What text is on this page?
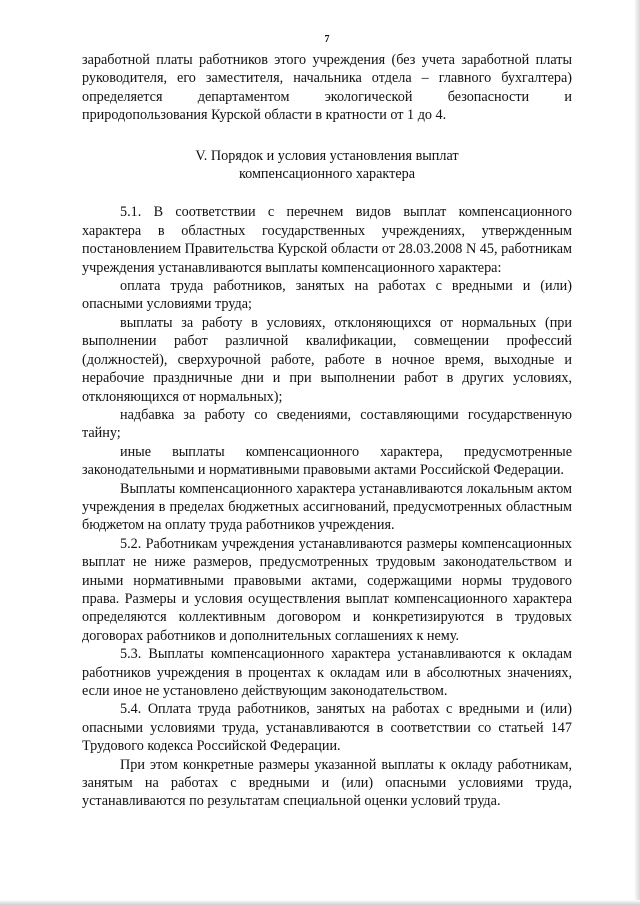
7

заработной платы работников этого учреждения (без учета заработной платы руководителя, его заместителя, начальника отдела – главного бухгалтера) определяется департаментом экологической безопасности и природопользования Курской области в кратности от 1 до 4.

V. Порядок и условия установления выплат
компенсационного характера

5.1. В соответствии с перечнем видов выплат компенсационного характера в областных государственных учреждениях, утвержденным постановлением Правительства Курской области от 28.03.2008 N 45, работникам учреждения устанавливаются выплаты компенсационного характера:

оплата труда работников, занятых на работах с вредными и (или) опасными условиями труда;

выплаты за работу в условиях, отклоняющихся от нормальных (при выполнении работ различной квалификации, совмещении профессий (должностей), сверхурочной работе, работе в ночное время, выходные и нерабочие праздничные дни и при выполнении работ в других условиях, отклоняющихся от нормальных);

надбавка за работу со сведениями, составляющими государственную тайну;

иные выплаты компенсационного характера, предусмотренные законодательными и нормативными правовыми актами Российской Федерации.

Выплаты компенсационного характера устанавливаются локальным актом учреждения в пределах бюджетных ассигнований, предусмотренных областным бюджетом на оплату труда работников учреждения.

5.2. Работникам учреждения устанавливаются размеры компенсационных выплат не ниже размеров, предусмотренных трудовым законодательством и иными нормативными правовыми актами, содержащими нормы трудового права. Размеры и условия осуществления выплат компенсационного характера определяются коллективным договором и конкретизируются в трудовых договорах работников и дополнительных соглашениях к нему.

5.3. Выплаты компенсационного характера устанавливаются к окладам работников учреждения в процентах к окладам или в абсолютных значениях, если иное не установлено действующим законодательством.

5.4. Оплата труда работников, занятых на работах с вредными и (или) опасными условиями труда, устанавливаются в соответствии со статьей 147 Трудового кодекса Российской Федерации.

При этом конкретные размеры указанной выплаты к окладу работникам, занятым на работах с вредными и (или) опасными условиями труда, устанавливаются по результатам специальной оценки условий труда.
